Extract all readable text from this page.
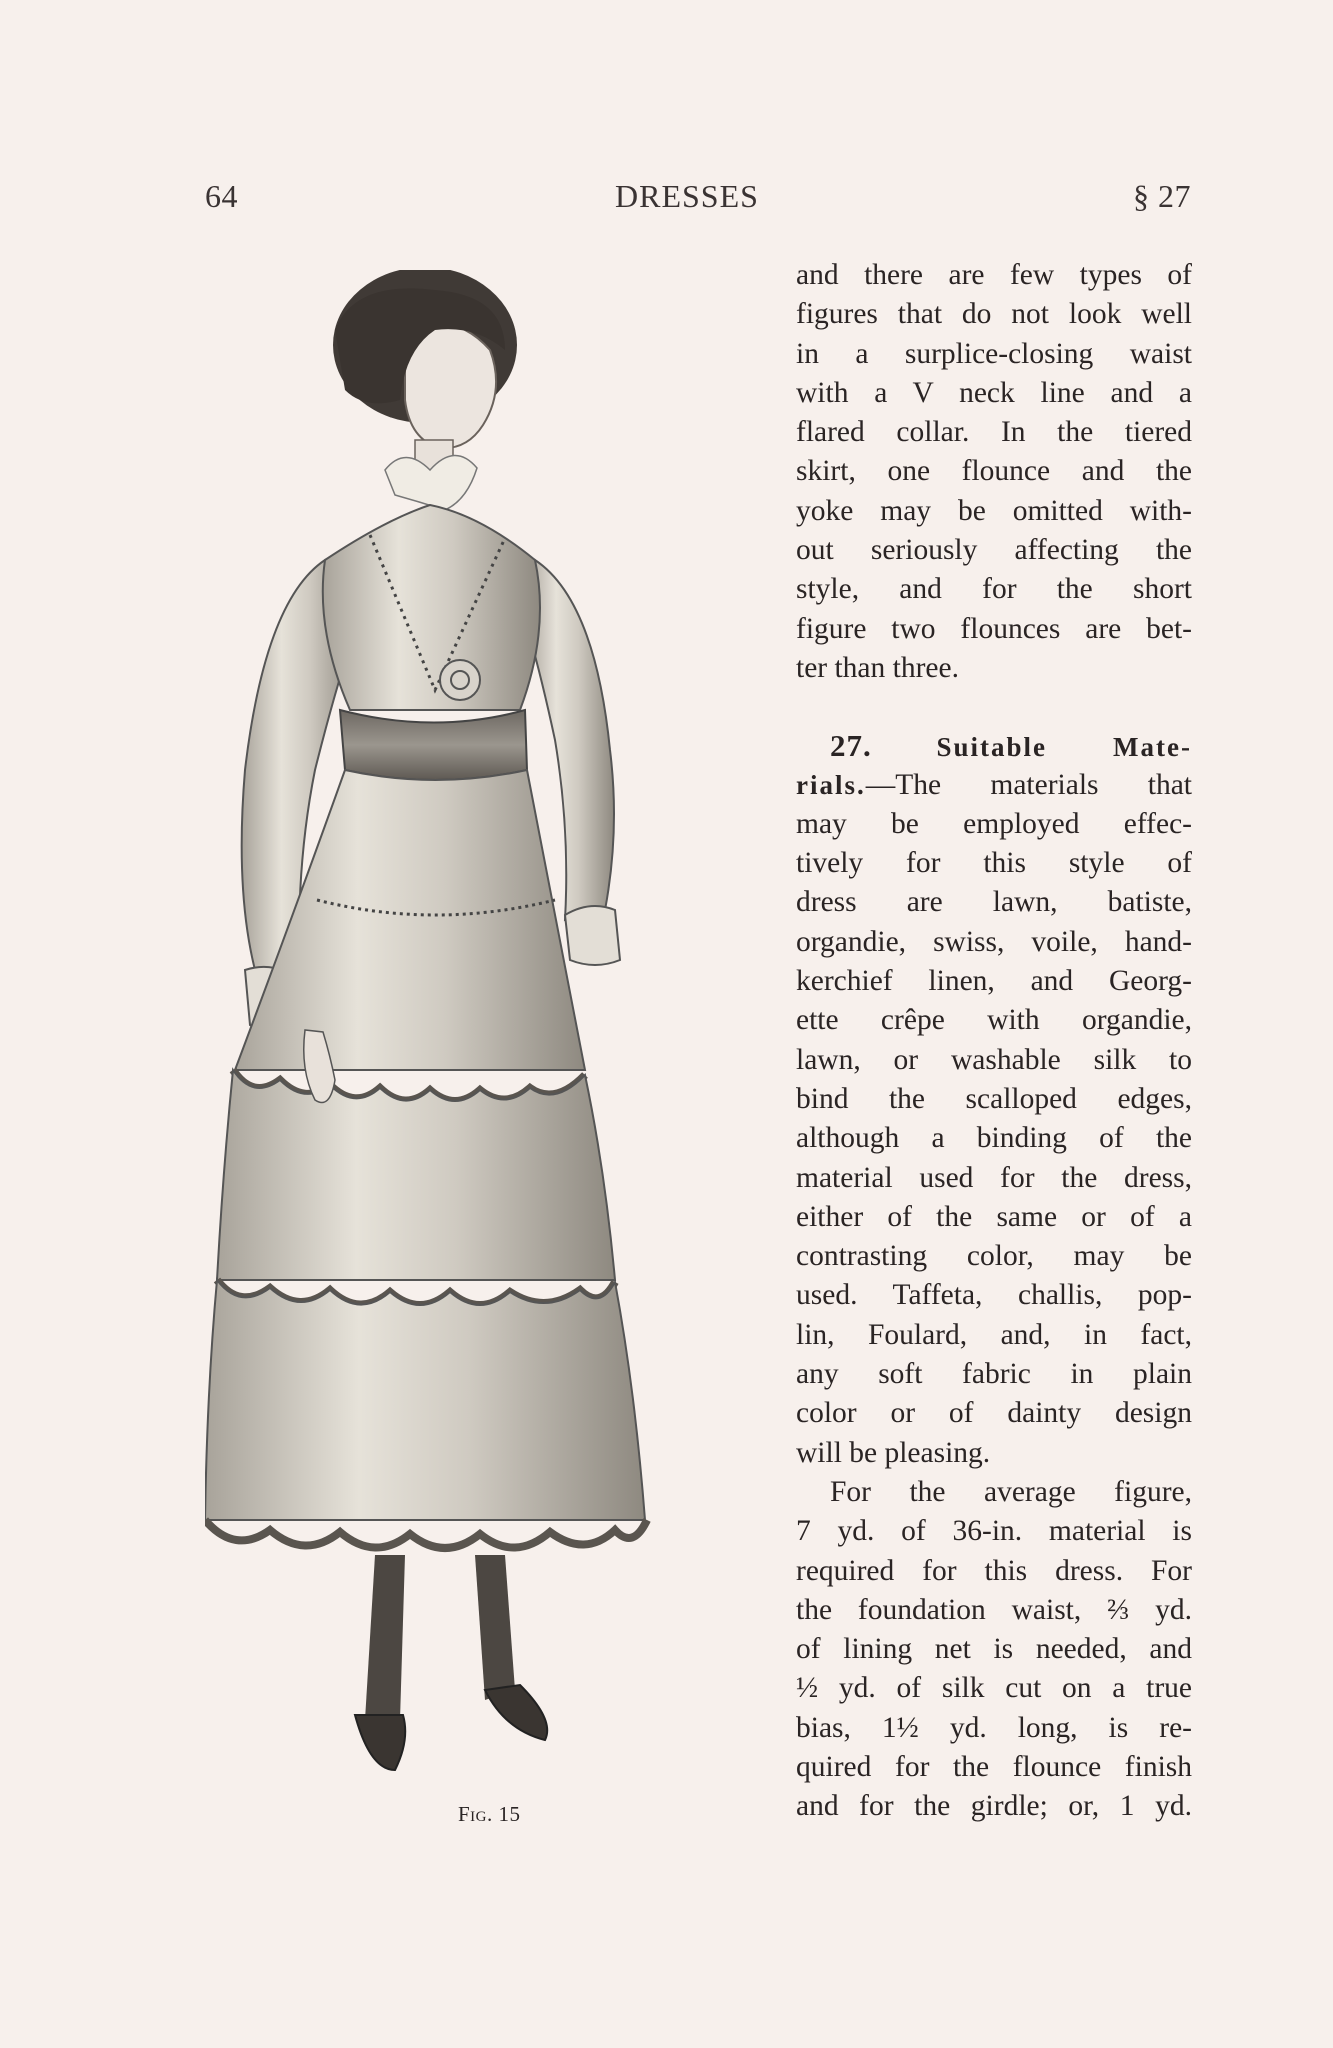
64	DRESSES	§ 27
Fig. 15
and there are few types of
figures that do not look well
in a surplice-closing waist
with a V neck line and a
flared collar. In the tiered
skirt, one flounce and the
yoke may be omitted with-
out seriously affecting the
style, and for the short
figure two flounces are bet-
ter than three.
27. Suitable Mate-
rials.—The materials that
may be employed effec-
tively for this style of
dress are lawn, batiste,
organdie, swiss, voile, hand-
kerchief linen, and Georg-
ette crêpe with organdie,
lawn, or washable silk to
bind the scalloped edges,
although a binding of the
material used for the dress,
either of the same or of a
contrasting color, may be
used. Taffeta, challis, pop-
lin, Foulard, and, in fact,
any soft fabric in plain
color or of dainty design
will be pleasing.
For the average figure,
7 yd. of 36-in. material is
required for this dress. For
the foundation waist, ⅔ yd.
of lining net is needed, and
½ yd. of silk cut on a true
bias, 1½ yd. long, is re-
quired for the flounce finish
and for the girdle; or, 1 yd.
